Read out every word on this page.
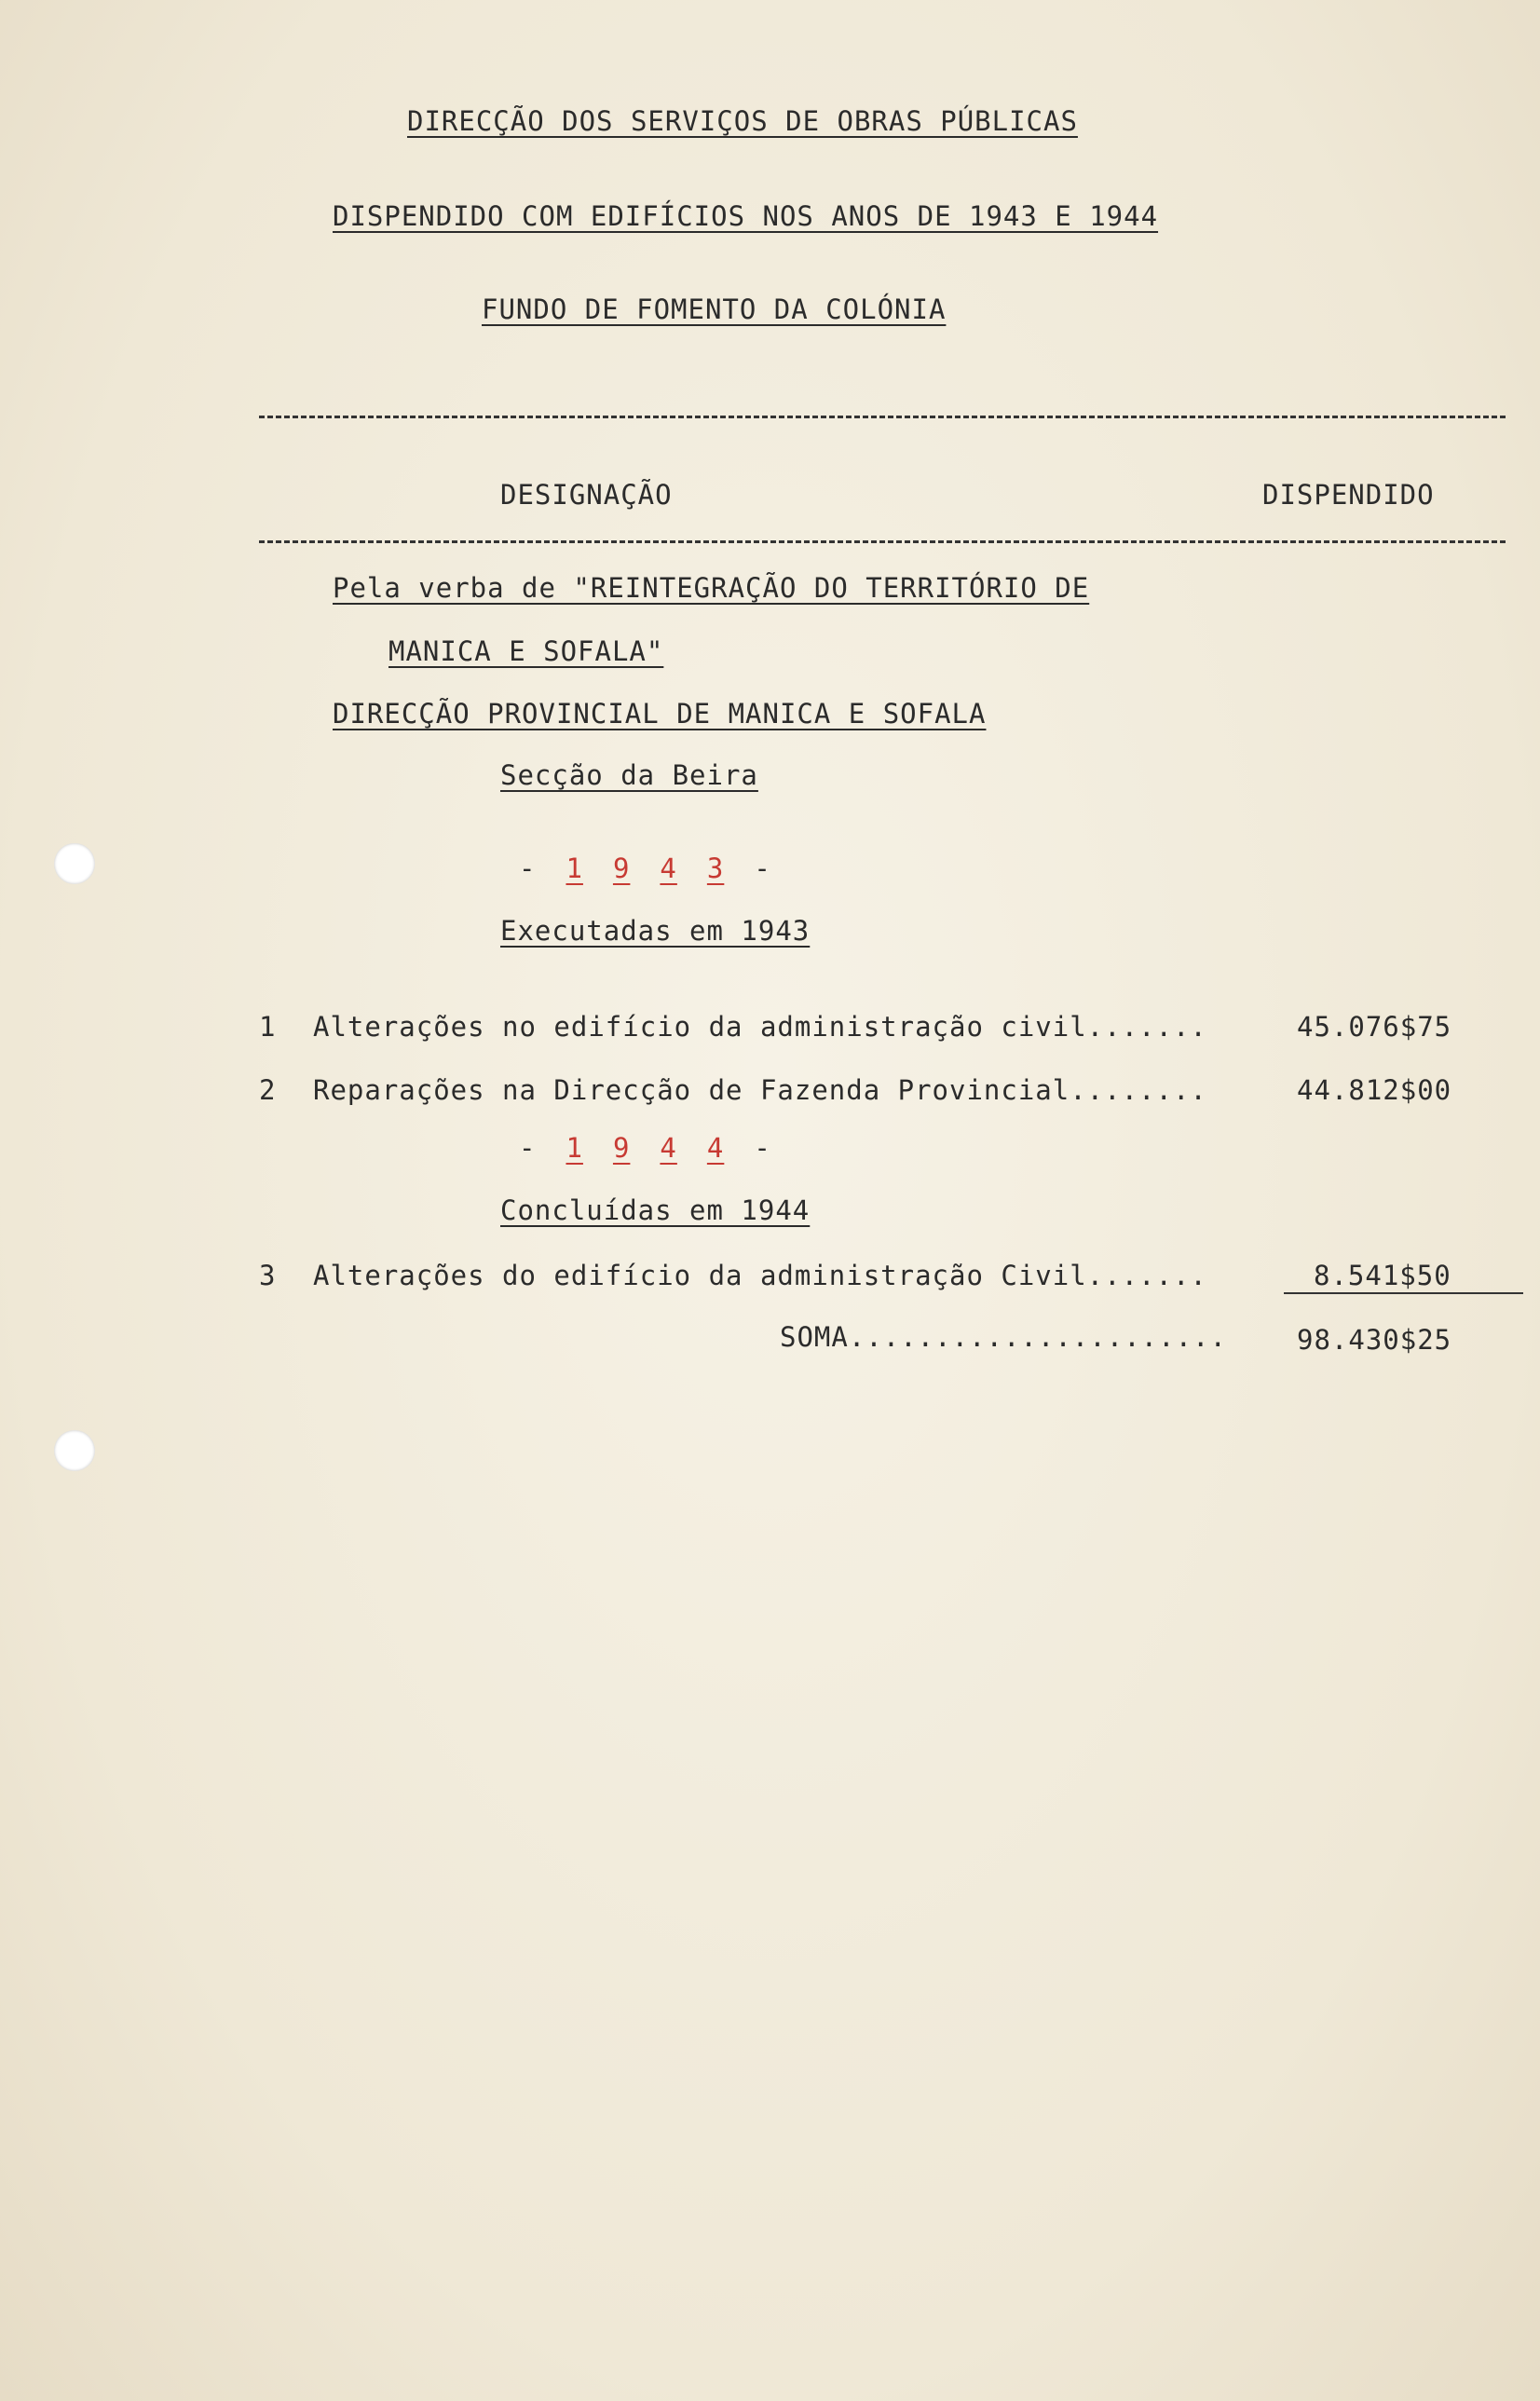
DIRECÇÃO DOS SERVIÇOS DE OBRAS PÚBLICAS
DISPENDIDO COM EDIFÍCIOS NOS ANOS DE 1943 E 1944
FUNDO DE FOMENTO DA COLÓNIA
DESIGNAÇÃO	DISPENDIDO
Pela verba de "REINTEGRAÇÃO DO TERRITÓRIO DE
MANICA E SOFALA"
DIRECÇÃO PROVINCIAL DE MANICA E SOFALA
Secção da Beira
- 1 9 4 3 -
Executadas em 1943
1	Alterações no edifício da administração civil.......	45.076$75
2	Reparações na Direcção de Fazenda Provincial........	44.812$00
- 1 9 4 4 -
Concluídas em 1944
3	Alterações do edifício da administração Civil.......	8.541$50
SOMA......................	98.430$25
